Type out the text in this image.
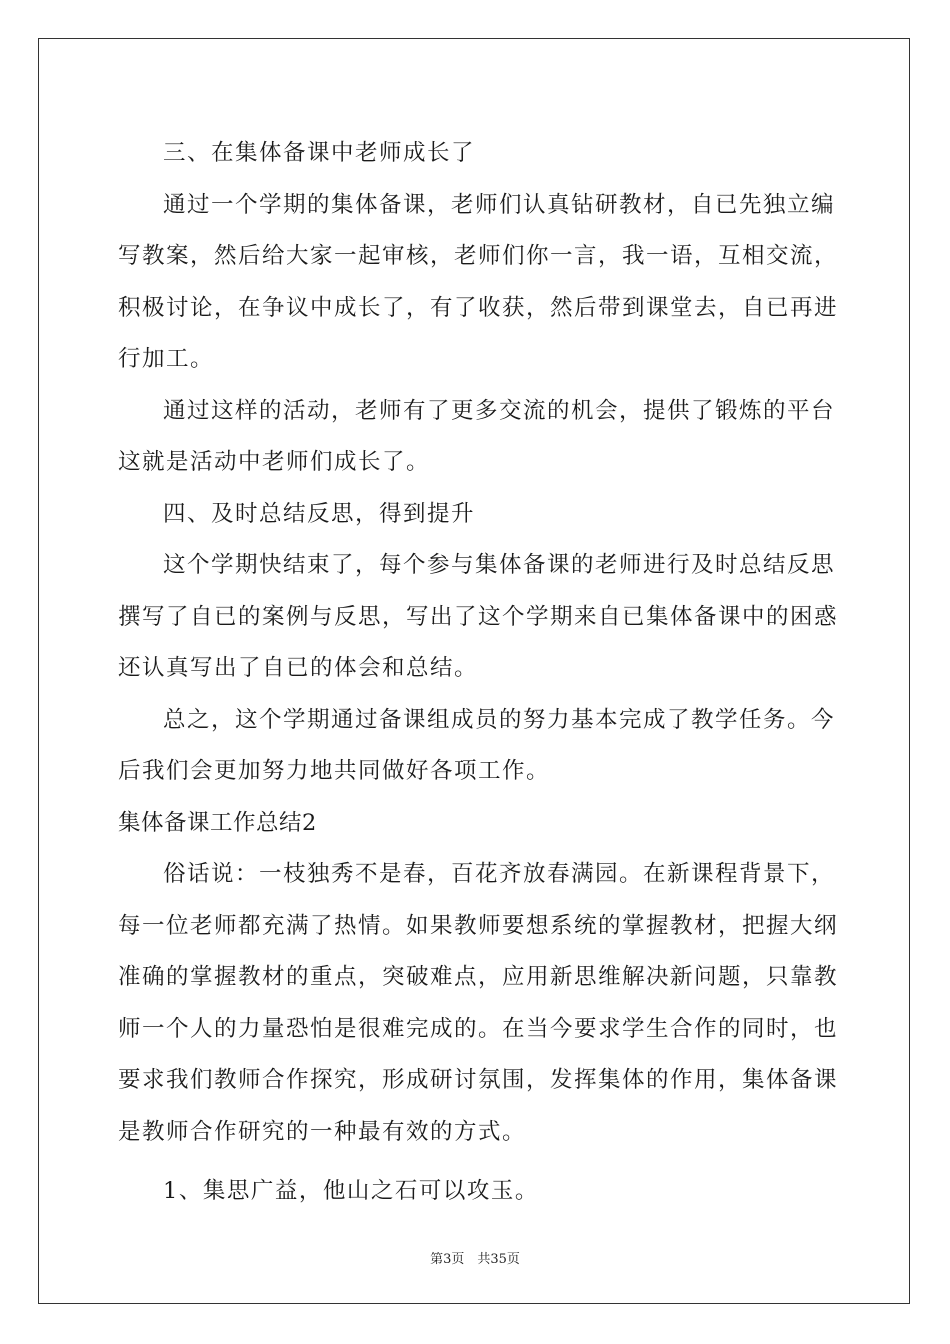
三、在集体备课中老师成长了
通过一个学期的集体备课，老师们认真钻研教材，自已先独立编
写教案，然后给大家一起审核，老师们你一言，我一语，互相交流，
积极讨论，在争议中成长了，有了收获，然后带到课堂去，自已再进
行加工。
通过这样的活动，老师有了更多交流的机会，提供了锻炼的平台
这就是活动中老师们成长了。
四、及时总结反思，得到提升
这个学期快结束了，每个参与集体备课的老师进行及时总结反思
撰写了自已的案例与反思，写出了这个学期来自已集体备课中的困惑
还认真写出了自已的体会和总结。
总之，这个学期通过备课组成员的努力基本完成了教学任务。今
后我们会更加努力地共同做好各项工作。
集体备课工作总结2
俗话说：一枝独秀不是春，百花齐放春满园。在新课程背景下，
每一位老师都充满了热情。如果教师要想系统的掌握教材，把握大纲
准确的掌握教材的重点，突破难点，应用新思维解决新问题，只靠教
师一个人的力量恐怕是很难完成的。在当今要求学生合作的同时，也
要求我们教师合作探究，形成研讨氛围，发挥集体的作用，集体备课
是教师合作研究的一种最有效的方式。
1、集思广益，他山之石可以攻玉。
第3页　共35页
